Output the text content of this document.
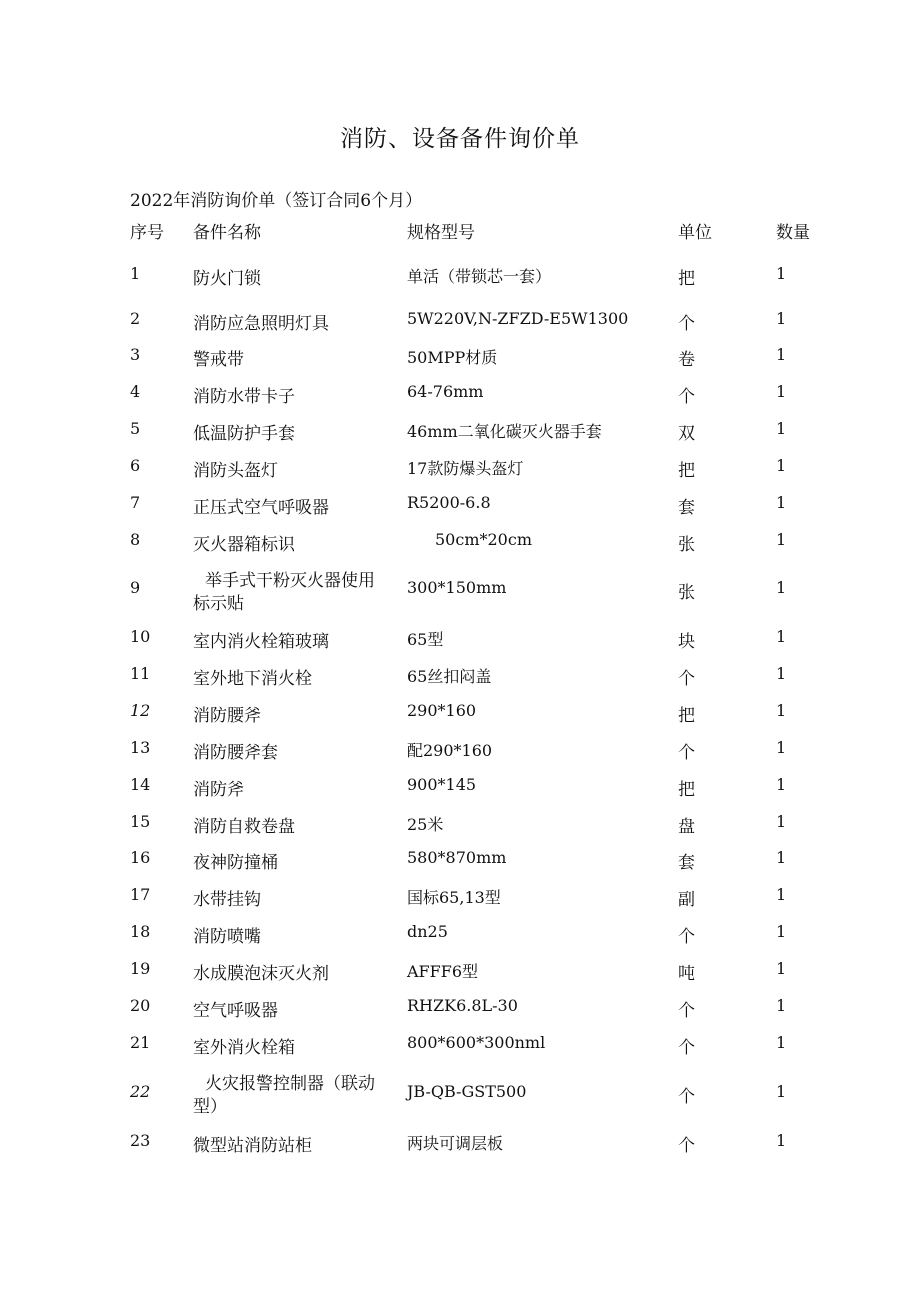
消防、设备备件询价单
2022年消防询价单（签订合同6个月）
序号 备件名称	规格型号	单位	数量
1	防火门锁	单活（带锁芯一套）	把	1
2	消防应急照明灯具	5W220V,N-ZFZD-E5W1300	个	1
3	警戒带	50MPP材质	卷	1
4	消防水带卡子	64-76mm	个	1
5	低温防护手套	46mm二氧化碳灭火器手套	双	1
6	消防头盔灯	17款防爆头盔灯	把	1
7	正压式空气呼吸器	R5200-6.8	套	1
8	灭火器箱标识	50cm*20cm	张	1
9	举手式干粉灭火器使用
标示贴
300*150mm	张	1
10	室内消火栓箱玻璃	65型	块	1
11	室外地下消火栓	65丝扣闷盖	个	1
12	消防腰斧	290*160	把	1
13	消防腰斧套	配290*160	个	1
14	消防斧	900*145	把	1
15	消防自救卷盘	25米	盘	1
16	夜神防撞桶	580*870mm	套	1
17	水带挂钩	国标65,13型	副	1
18	消防喷嘴	dn25	个	1
19	水成膜泡沫灭火剂	AFFF6型	吨	1
20	空气呼吸器	RHZK6.8L-30	个	1
21	室外消火栓箱	800*600*300nml	个	1
22	火灾报警控制器（联动
型）
JB-QB-GST500	个	1
23	微型站消防站柜	两块可调层板	个	1
